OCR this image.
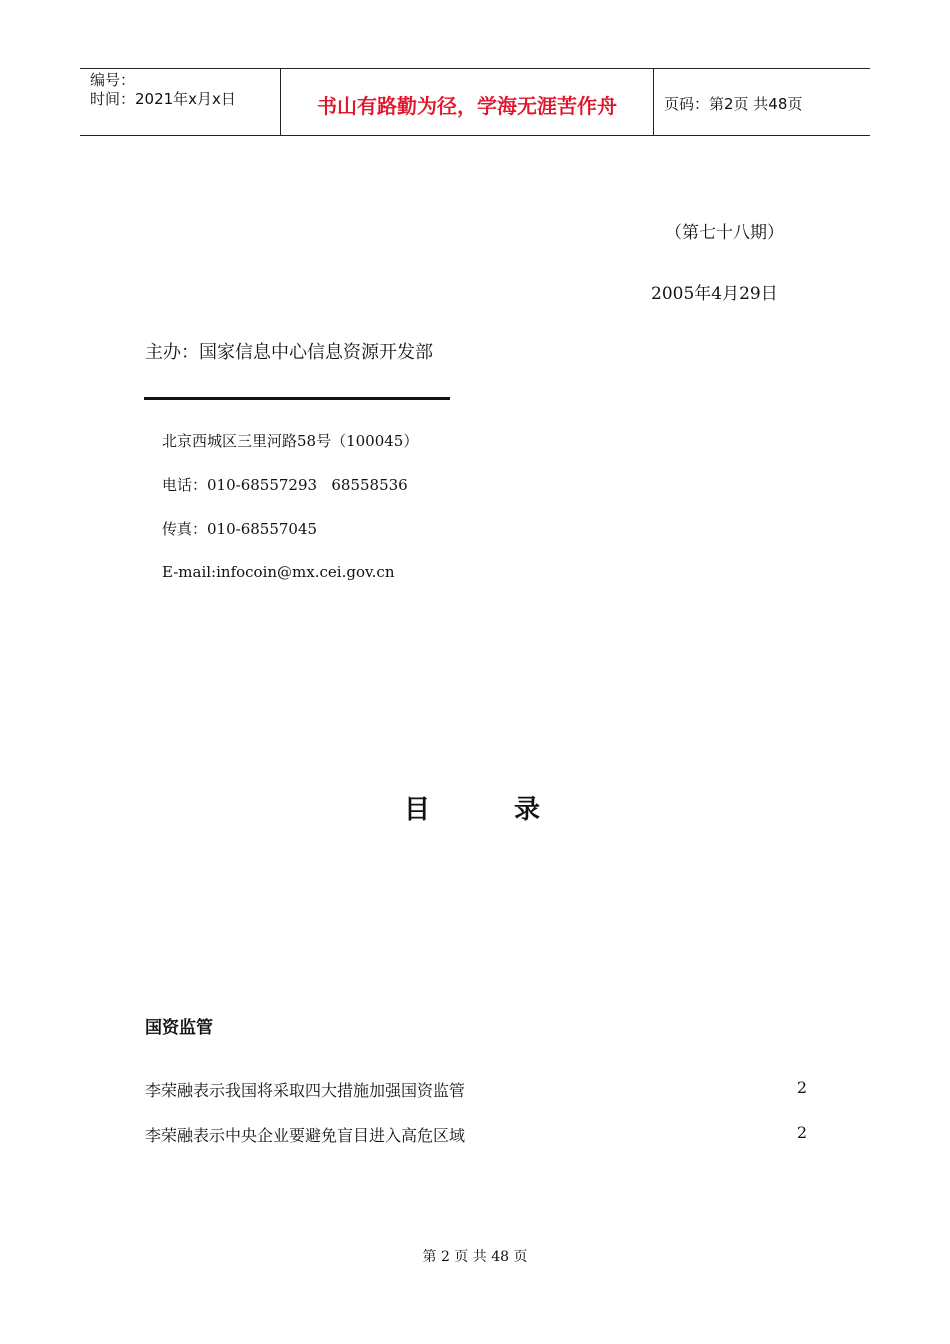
编号：
时间：2021年x月x日	书山有路勤为径，学海无涯苦作舟	页码：第2页 共48页
（第七十八期）
2005年4月29日
主办：国家信息中心信息资源开发部
北京西城区三里河路58号（100045）
电话：010-68557293   68558536
传真：010-68557045
E-mail:infocoin@mx.cei.gov.cn
目录
国资监管
李荣融表示我国将采取四大措施加强国资监管	2
李荣融表示中央企业要避免盲目进入高危区域	2
第 2 页 共 48 页
